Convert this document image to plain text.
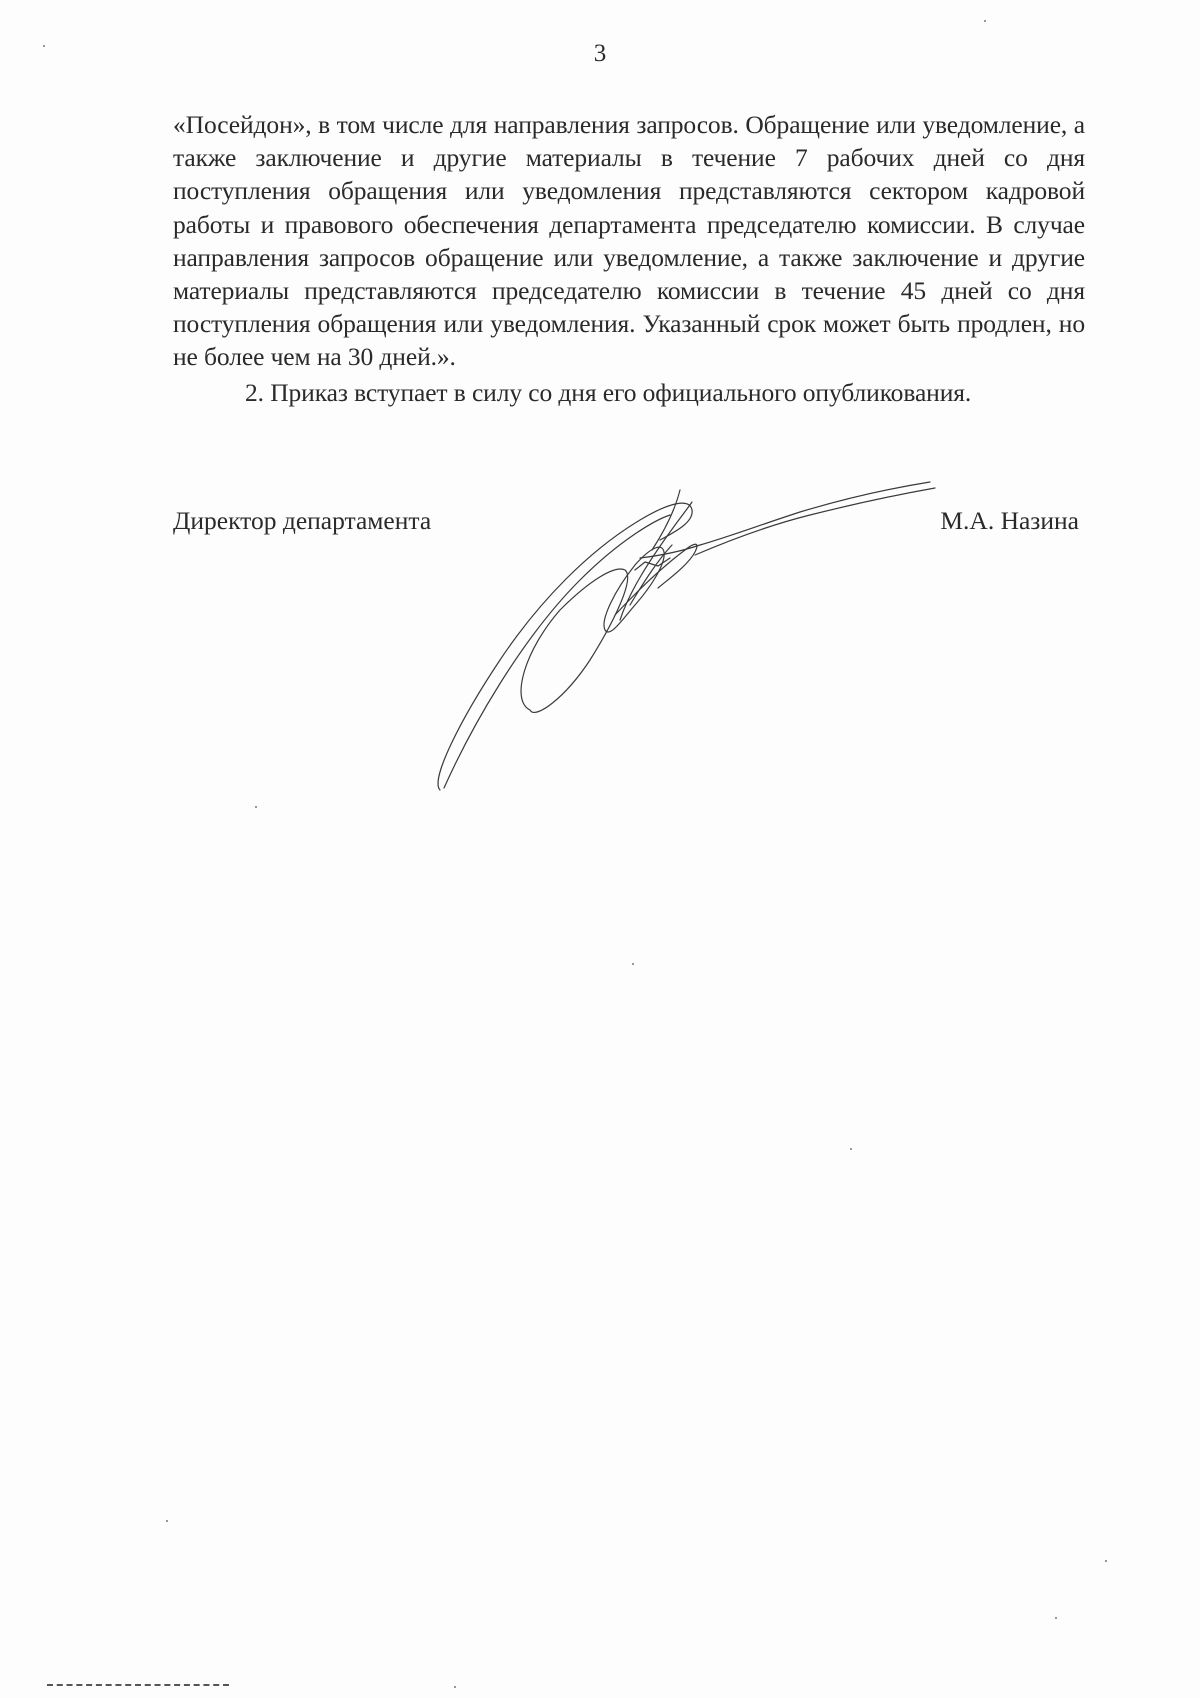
3

«Посейдон», в том числе для направления запросов. Обращение или уведомление, а также заключение и другие материалы в течение 7 рабочих дней со дня поступления обращения или уведомления представляются сектором кадровой работы и правового обеспечения департамента председателю комиссии. В случае направления запросов обращение или уведомление, а также заключение и другие материалы представляются председателю комиссии в течение 45 дней со дня поступления обращения или уведомления. Указанный срок может быть продлен, но не более чем на 30 дней.».

2. Приказ вступает в силу со дня его официального опубликования.

Директор департамента	М.А. Назина
